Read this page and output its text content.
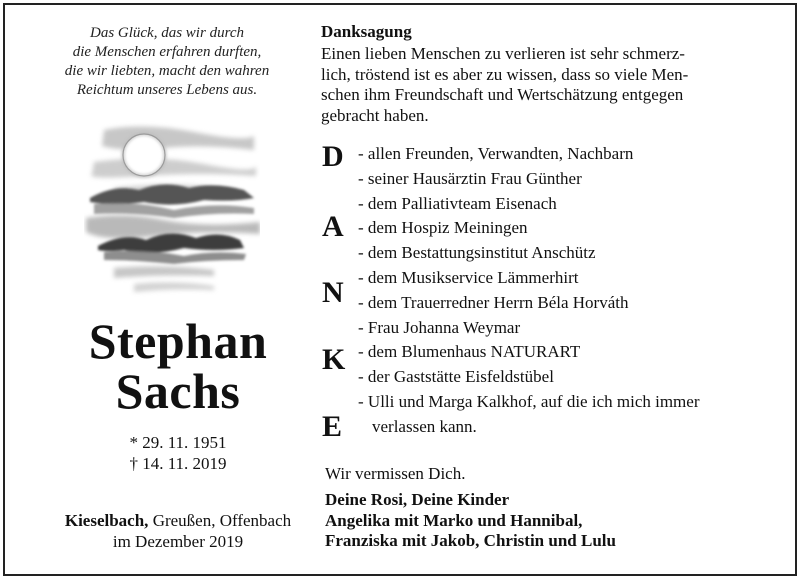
Das Glück, das wir durch
die Menschen erfahren durften,
die wir liebten, macht den wahren
Reichtum unseres Lebens aus.
Stephan
Sachs
* 29. 11. 1951
† 14. 11. 2019
Kieselbach, Greußen, Offenbach
im Dezember 2019
Danksagung
Einen lieben Menschen zu verlieren ist sehr schmerz-
lich, tröstend ist es aber zu wissen, dass so viele Men-
schen ihm Freundschaft und Wertschätzung entgegen
gebracht haben.
D
A
N
K
E
- allen Freunden, Verwandten, Nachbarn
- seiner Hausärztin Frau Günther
- dem Palliativteam Eisenach
- dem Hospiz Meiningen
- dem Bestattungsinstitut Anschütz
- dem Musikservice Lämmerhirt
- dem Trauerredner Herrn Béla Horváth
- Frau Johanna Weymar
- dem Blumenhaus NATURART
- der Gaststätte Eisfeldstübel
- Ulli und Marga Kalkhof, auf die ich mich immer
verlassen kann.
Wir vermissen Dich.
Deine Rosi, Deine Kinder
Angelika mit Marko und Hannibal,
Franziska mit Jakob, Christin und Lulu
